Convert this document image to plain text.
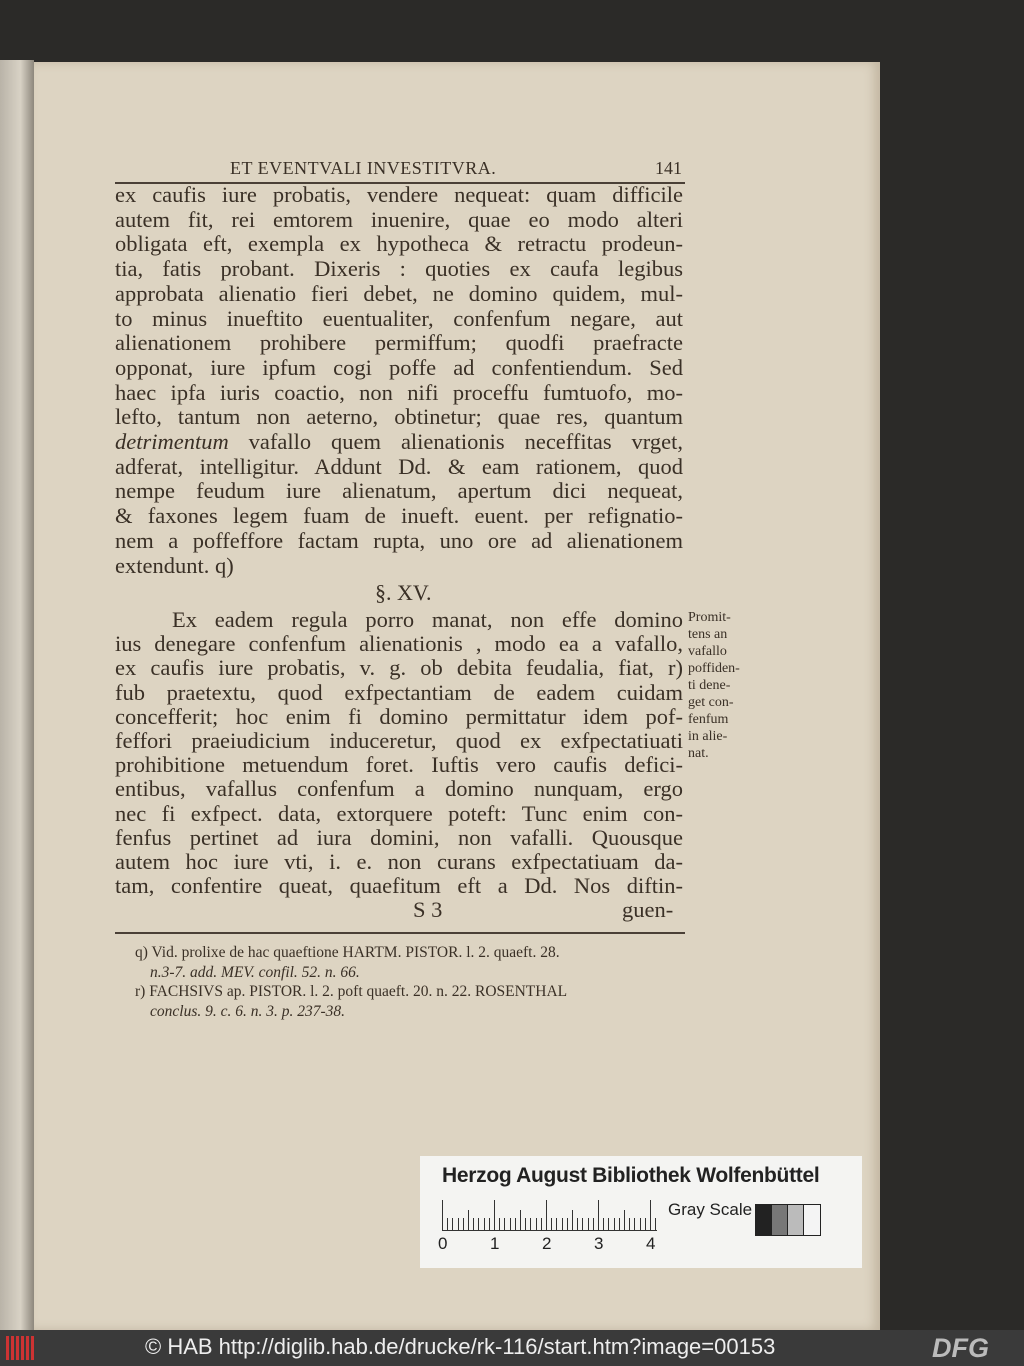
ET EVENTVALI INVESTITVRA.	141
ex caufis iure probatis, vendere nequeat: quam difficile
autem fit, rei emtorem inuenire, quae eo modo alteri
obligata eft, exempla ex hypotheca & retractu prodeun-
tia, fatis probant. Dixeris : quoties ex caufa legibus
approbata alienatio fieri debet, ne domino quidem, mul-
to minus inueftito euentualiter, confenfum negare, aut
alienationem prohibere permiffum; quodfi praefracte
opponat, iure ipfum cogi poffe ad confentiendum. Sed
haec ipfa iuris coactio, non nifi proceffu fumtuofo, mo-
lefto, tantum non aeterno, obtinetur; quae res, quantum
detrimentum vafallo quem alienationis neceffitas vrget,
adferat, intelligitur. Addunt Dd. & eam rationem, quod
nempe feudum iure alienatum, apertum dici nequeat,
& faxones legem fuam de inueft. euent. per refignatio-
nem a poffeffore factam rupta, uno ore ad alienationem
extendunt. q)
§. XV.
Ex eadem regula porro manat, non effe domino
ius denegare confenfum alienationis , modo ea a vafallo,
ex caufis iure probatis, v. g. ob debita feudalia, fiat, r)
fub praetextu, quod exfpectantiam de eadem cuidam
concefferit; hoc enim fi domino permittatur idem pof-
feffori praeiudicium induceretur, quod ex exfpectatiuati
prohibitione metuendum foret. Iuftis vero caufis defici-
entibus, vafallus confenfum a domino nunquam, ergo
nec fi exfpect. data, extorquere poteft: Tunc enim con-
fenfus pertinet ad iura domini, non vafalli. Quousque
autem hoc iure vti, i. e. non curans exfpectatiuam da-
tam, confentire queat, quaefitum eft a Dd. Nos diftin-
S 3	guen-
Promit-
tens an
vafallo
poffiden-
ti dene-
get con-
fenfum
in alie-
nat.
q) Vid. prolixe de hac quaeftione HARTM. PISTOR. l. 2. quaeft. 28.
n.3-7. add. MEV. confil. 52. n. 66.
r) FACHSIVS ap. PISTOR. l. 2. poft quaeft. 20. n. 22. ROSENTHAL
conclus. 9. c. 6. n. 3. p. 237-38.
Herzog August Bibliothek Wolfenbüttel
0	1	2	3	4
Gray Scale
© HAB http://diglib.hab.de/drucke/rk-116/start.htm?image=00153	DFG
